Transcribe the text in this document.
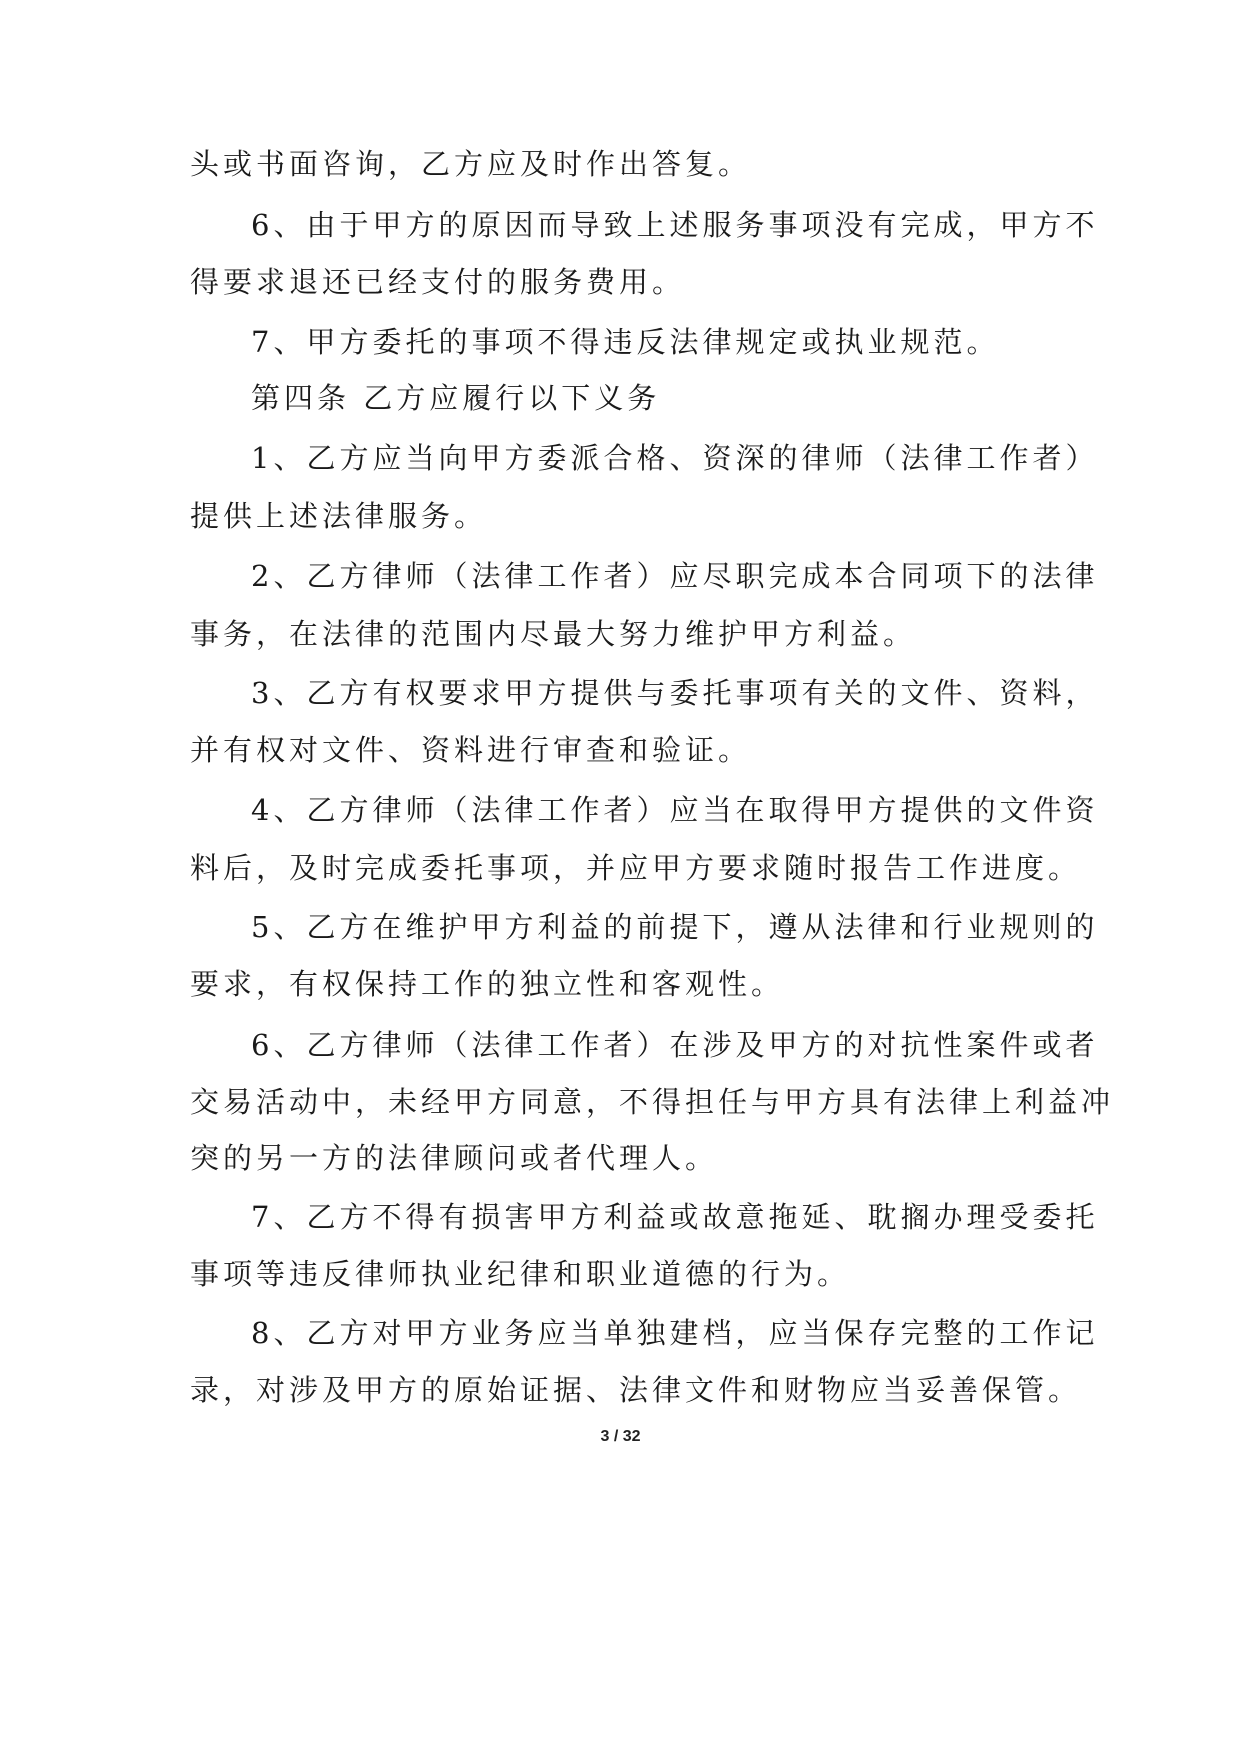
头或书面咨询，乙方应及时作出答复。
6、由于甲方的原因而导致上述服务事项没有完成，甲方不
得要求退还已经支付的服务费用。
7、甲方委托的事项不得违反法律规定或执业规范。
第四条 乙方应履行以下义务
1、乙方应当向甲方委派合格、资深的律师（法律工作者）
提供上述法律服务。
2、乙方律师（法律工作者）应尽职完成本合同项下的法律
事务，在法律的范围内尽最大努力维护甲方利益。
3、乙方有权要求甲方提供与委托事项有关的文件、资料，
并有权对文件、资料进行审查和验证。
4、乙方律师（法律工作者）应当在取得甲方提供的文件资
料后，及时完成委托事项，并应甲方要求随时报告工作进度。
5、乙方在维护甲方利益的前提下，遵从法律和行业规则的
要求，有权保持工作的独立性和客观性。
6、乙方律师（法律工作者）在涉及甲方的对抗性案件或者
交易活动中，未经甲方同意，不得担任与甲方具有法律上利益冲
突的另一方的法律顾问或者代理人。
7、乙方不得有损害甲方利益或故意拖延、耽搁办理受委托
事项等违反律师执业纪律和职业道德的行为。
8、乙方对甲方业务应当单独建档，应当保存完整的工作记
录，对涉及甲方的原始证据、法律文件和财物应当妥善保管。
3 / 32
